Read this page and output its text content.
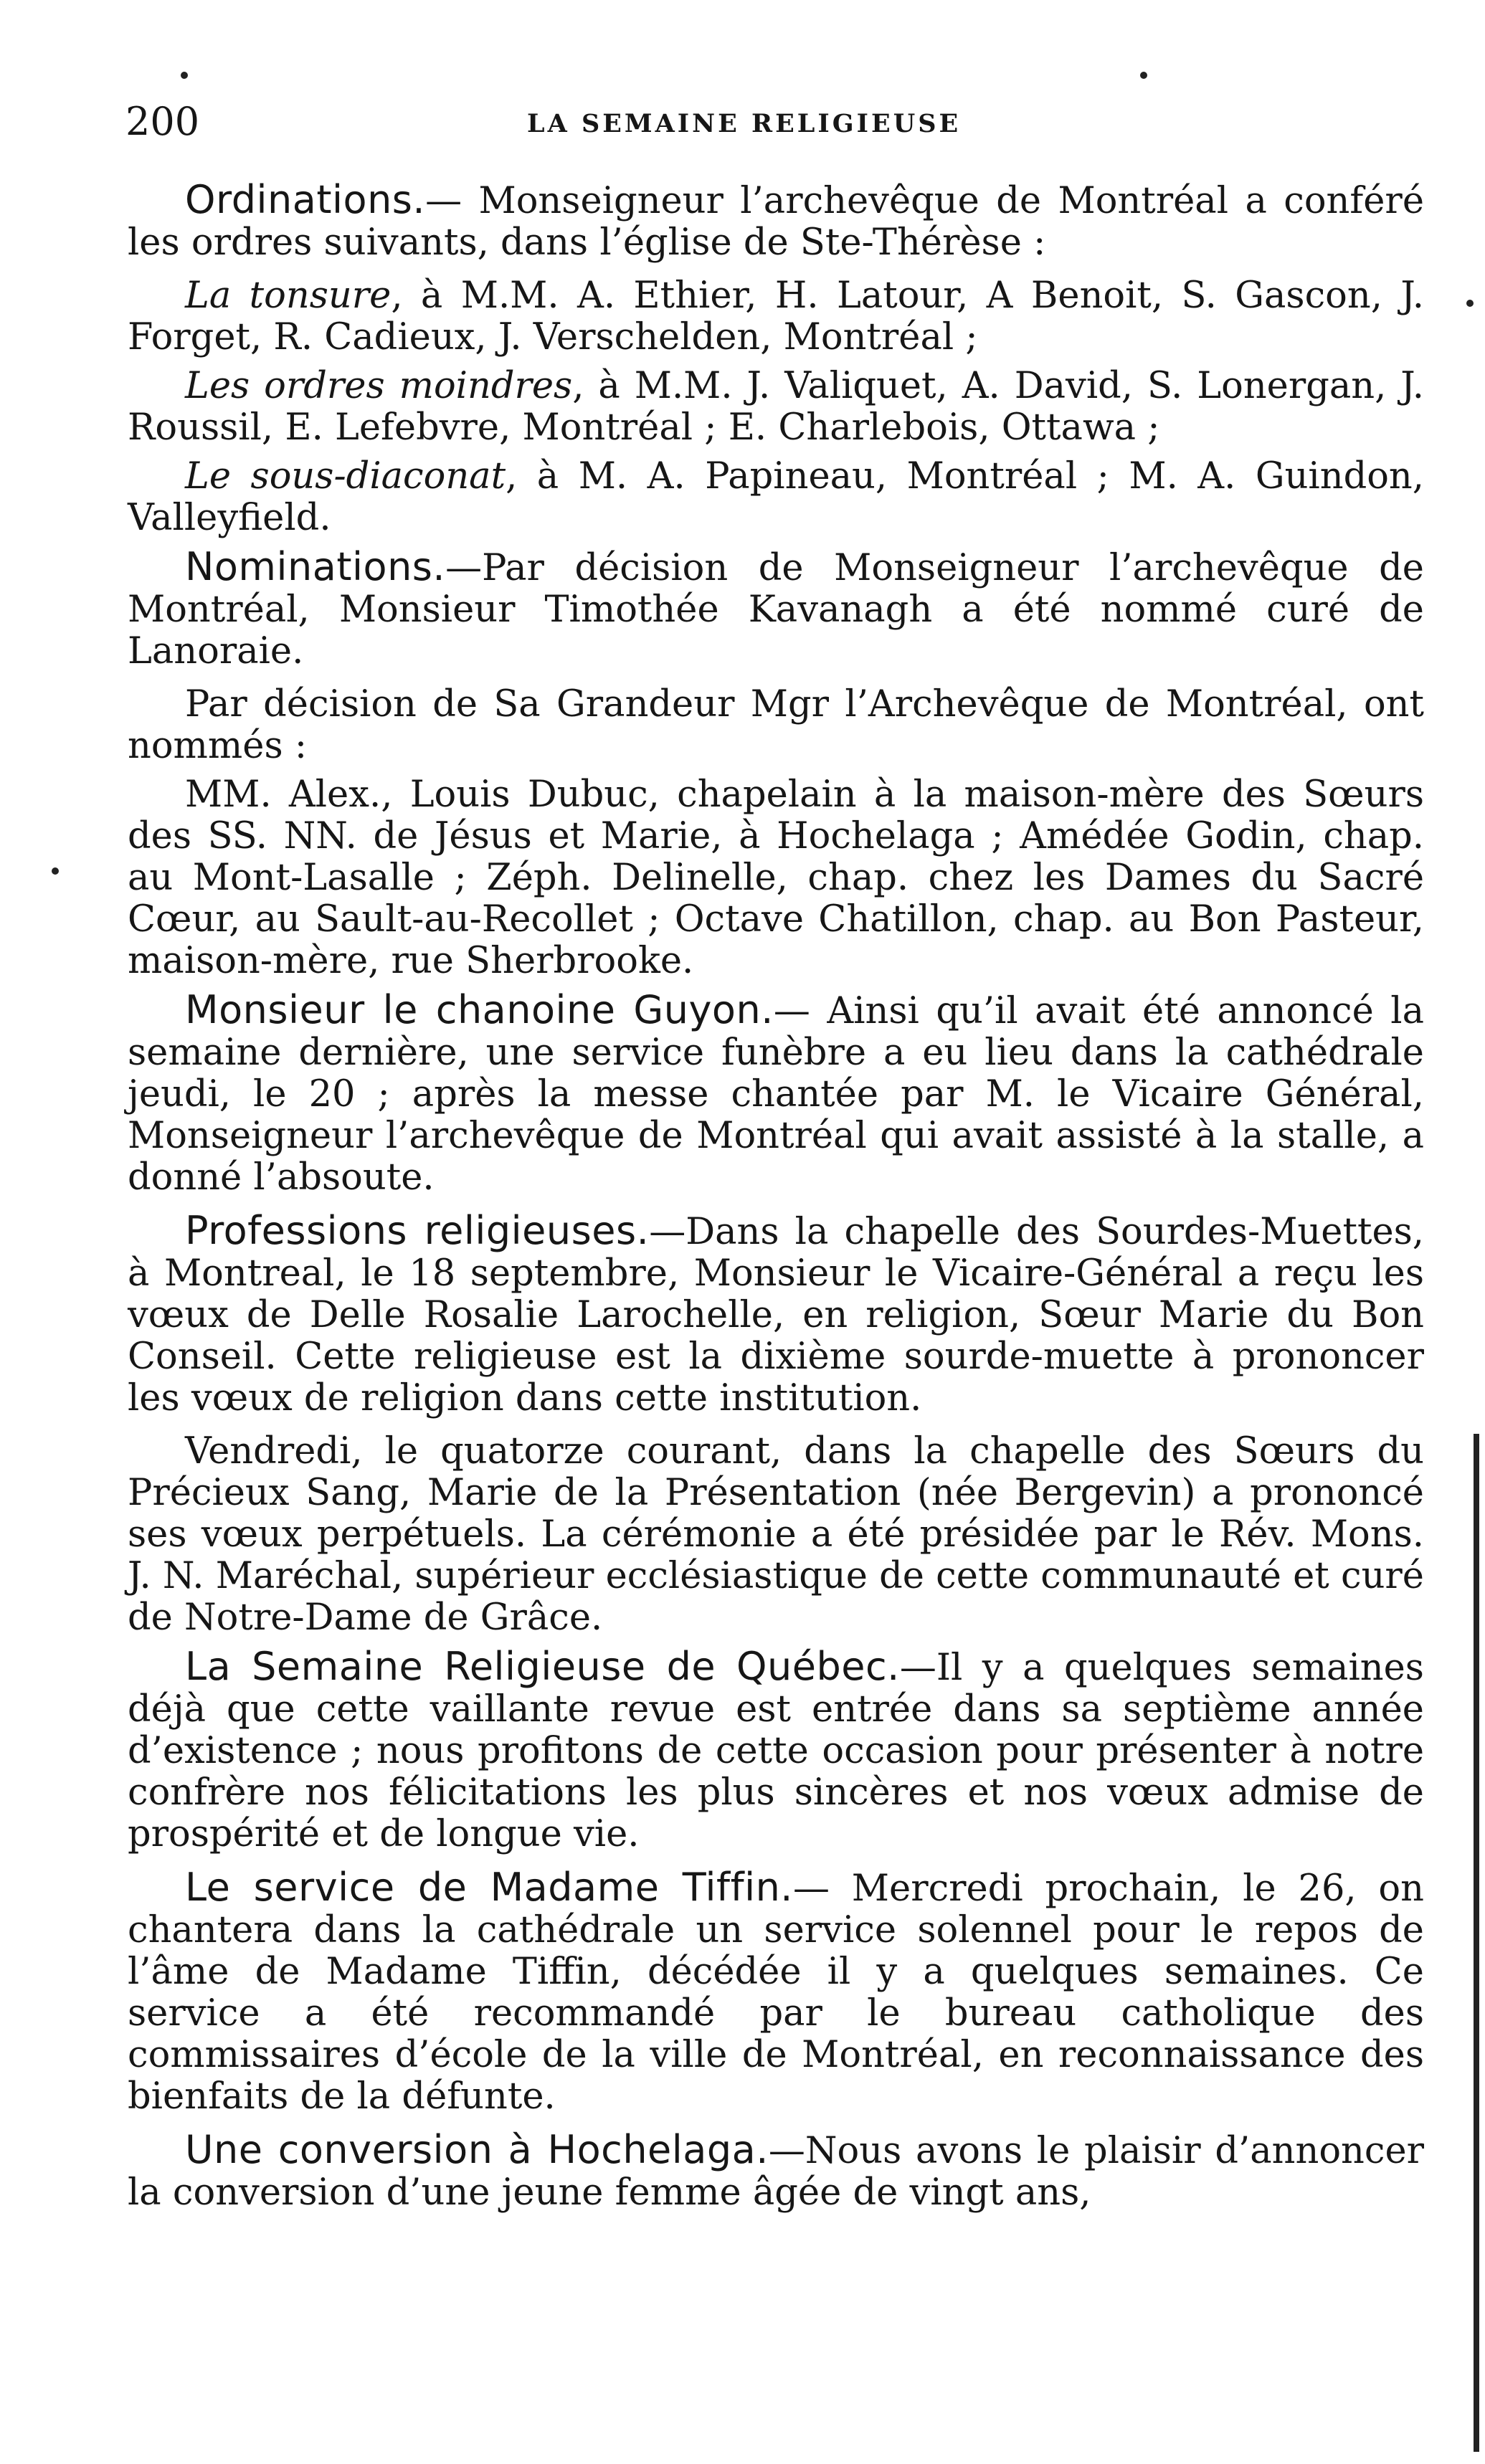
200	LA SEMAINE RELIGIEUSE

Ordinations.— Monseigneur l’archevêque de Montréal a conféré les ordres suivants, dans l’église de Ste-Thérèse :

La tonsure, à M.M. A. Ethier, H. Latour, A Benoit, S. Gascon, J. Forget, R. Cadieux, J. Verschelden, Montréal ;

Les ordres moindres, à M.M. J. Valiquet, A. David, S. Lonergan, J. Roussil, E. Lefebvre, Montréal ; E. Charlebois, Ottawa ;

Le sous-diaconat, à M. A. Papineau, Montréal ; M. A. Guindon, Valleyfield.

Nominations.—Par décision de Monseigneur l’archevêque de Montréal, Monsieur Timothée Kavanagh a été nommé curé de Lanoraie.

Par décision de Sa Grandeur Mgr l’Archevêque de Montréal, ont nommés :

MM. Alex., Louis Dubuc, chapelain à la maison-mère des Sœurs des SS. NN. de Jésus et Marie, à Hochelaga ; Amédée Godin, chap. au Mont-Lasalle ; Zéph. Delinelle, chap. chez les Dames du Sacré Cœur, au Sault-au-Recollet ; Octave Chatillon, chap. au Bon Pasteur, maison-mère, rue Sherbrooke.

Monsieur le chanoine Guyon.— Ainsi qu’il avait été annoncé la semaine dernière, une service funèbre a eu lieu dans la cathédrale jeudi, le 20 ; après la messe chantée par M. le Vicaire Général, Monseigneur l’archevêque de Montréal qui avait assisté à la stalle, a donné l’absoute.

Professions religieuses.—Dans la chapelle des Sourdes-Muettes, à Montreal, le 18 septembre, Monsieur le Vicaire-Général a reçu les vœux de Delle Rosalie Larochelle, en religion, Sœur Marie du Bon Conseil. Cette religieuse est la dixième sourde-muette à prononcer les vœux de religion dans cette institution.

Vendredi, le quatorze courant, dans la chapelle des Sœurs du Précieux Sang, Marie de la Présentation (née Bergevin) a prononcé ses vœux perpétuels. La cérémonie a été présidée par le Rév. Mons. J. N. Maréchal, supérieur ecclésiastique de cette communauté et curé de Notre-Dame de Grâce.

La Semaine Religieuse de Québec.—Il y a quelques semaines déjà que cette vaillante revue est entrée dans sa septième année d’existence ; nous profitons de cette occasion pour présenter à notre confrère nos félicitations les plus sincères et nos vœux admise de prospérité et de longue vie.

Le service de Madame Tiffin.— Mercredi prochain, le 26, on chantera dans la cathédrale un service solennel pour le repos de l’âme de Madame Tiffin, décédée il y a quelques semaines. Ce service a été recommandé par le bureau catholique des commissaires d’école de la ville de Montréal, en reconnaissance des bienfaits de la défunte.

Une conversion à Hochelaga.—Nous avons le plaisir d’annoncer la conversion d’une jeune femme âgée de vingt ans,
